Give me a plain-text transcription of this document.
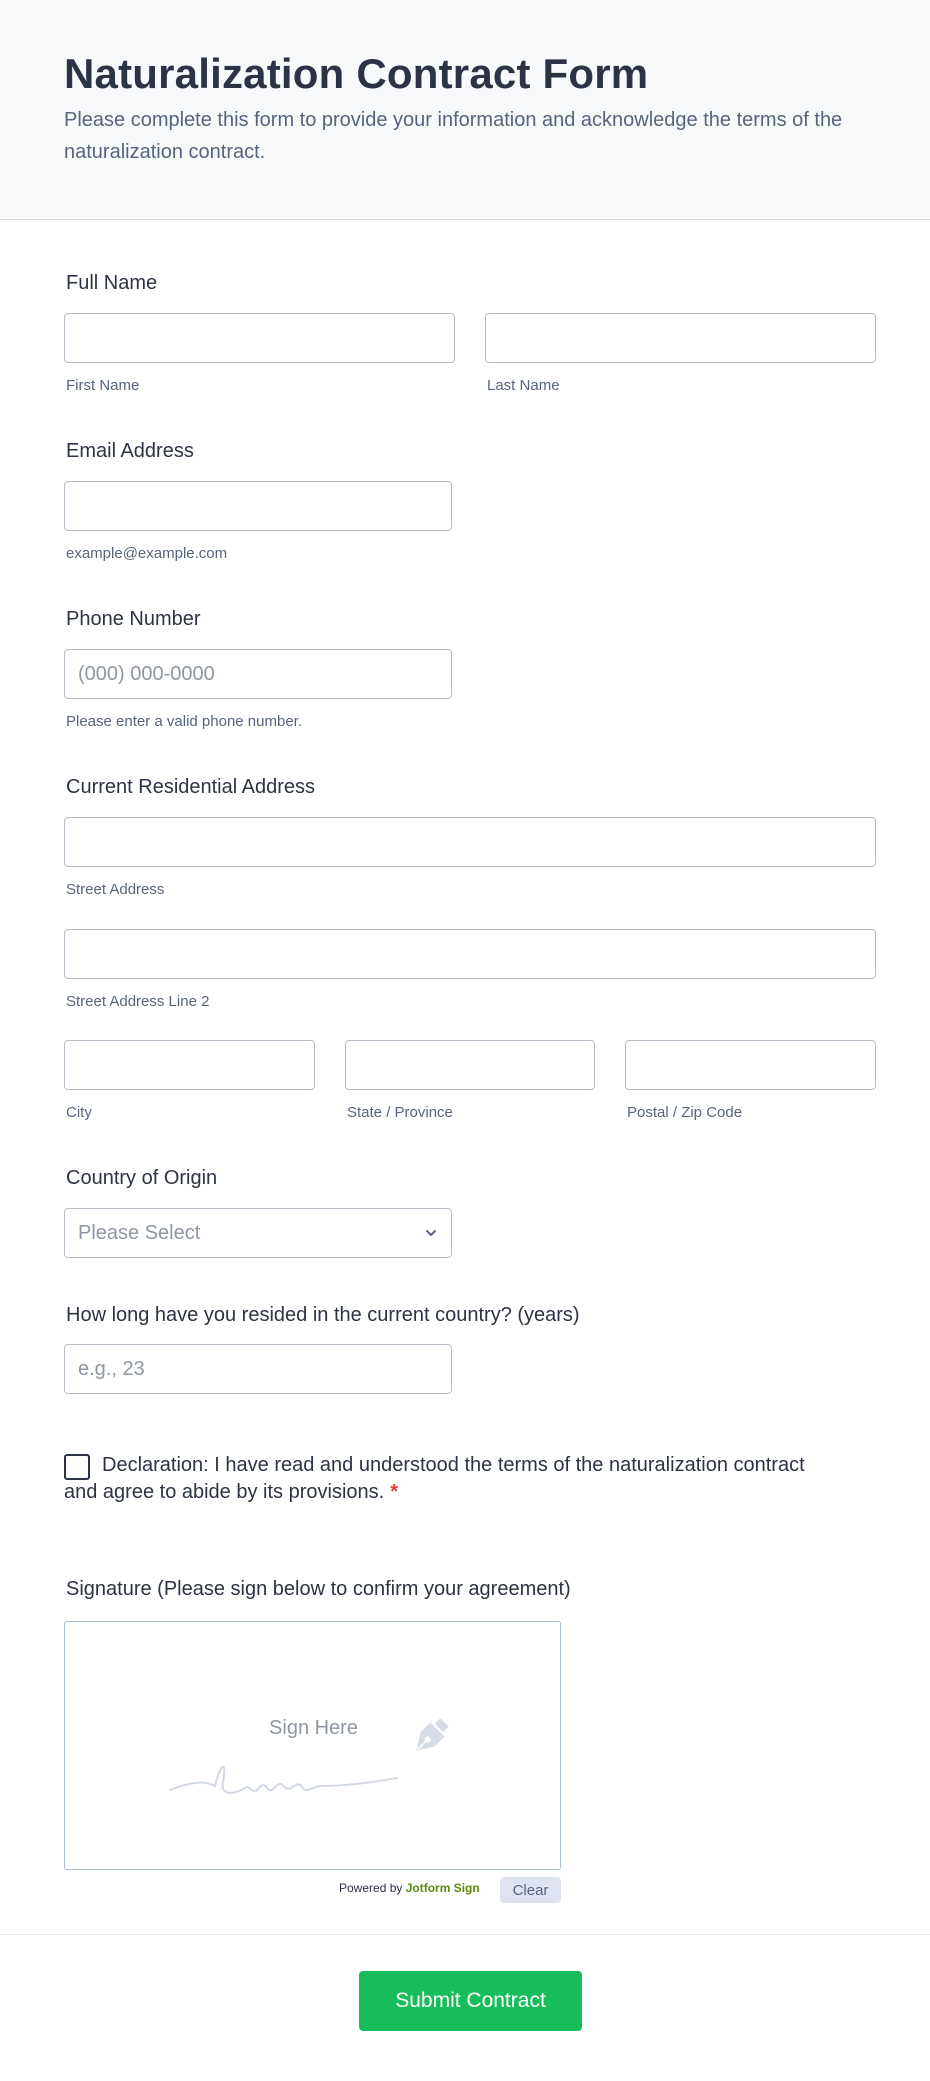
Naturalization Contract Form

Please complete this form to provide your information and acknowledge the terms of the naturalization contract.

Full Name
First Name	Last Name
Email Address
example@example.com
Phone Number
(000) 000-0000
Please enter a valid phone number.
Current Residential Address
Street Address
Street Address Line 2
City	State / Province	Postal / Zip Code
Country of Origin
Please Select
How long have you resided in the current country? (years)
e.g., 23
Declaration: I have read and understood the terms of the naturalization contract and agree to abide by its provisions. *
Signature (Please sign below to confirm your agreement)
Sign Here
Powered by Jotform Sign	Clear
Submit Contract
